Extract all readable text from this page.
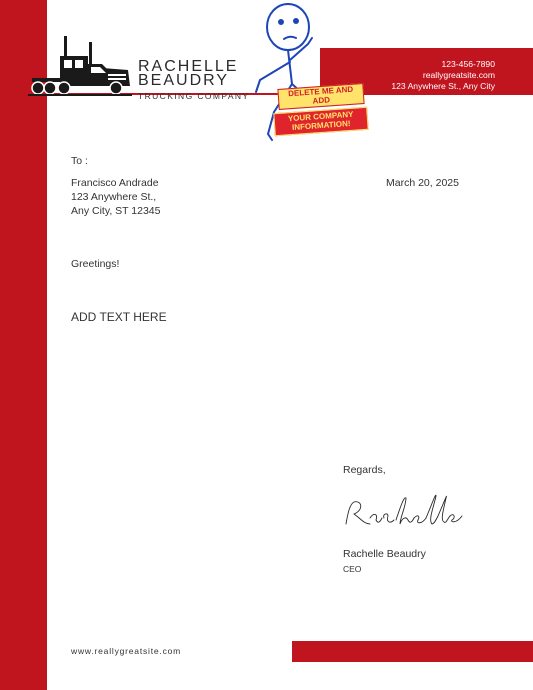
123-456-7890
reallygreatsite.com
123 Anywhere St., Any City
RACHELLE
BEAUDRY
TRUCKING COMPANY	DELETE ME AND ADD
YOUR COMPANY INFORMATION!
To :
Francisco Andrade
123 Anywhere St.,
Any City, ST 12345
March 20, 2025
Greetings!
ADD TEXT HERE
Regards,
Rachelle Beaudry
CEO
www.reallygreatsite.com
